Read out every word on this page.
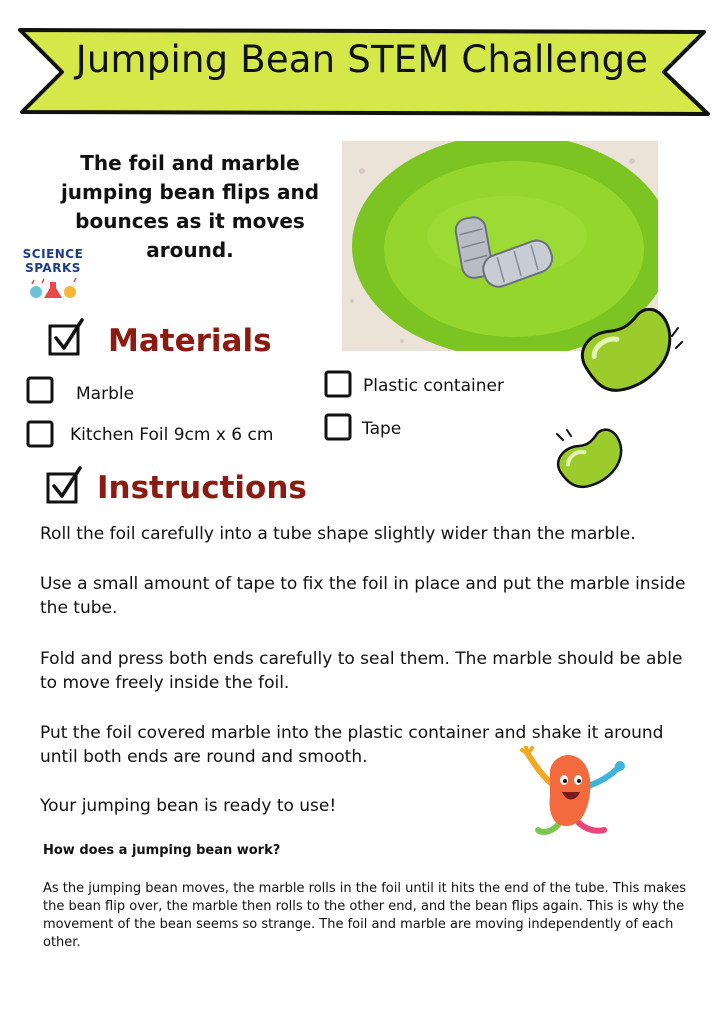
Jumping Bean STEM Challenge
The foil and marble jumping bean flips and bounces as it moves around.
SCIENCE
SPARKS
Materials
Marble
Kitchen Foil 9cm x 6 cm
Plastic container
Tape
Instructions
Roll the foil carefully into a tube shape slightly wider than the marble.
Use a small amount of tape to fix the foil in place and put the marble inside the tube.
Fold and press both ends carefully to seal them. The marble should be able to move freely inside the foil.
Put the foil covered marble into the plastic container and shake it around until both ends are round and smooth.
Your jumping bean is ready to use!
How does a jumping bean work?
As the jumping bean moves, the marble rolls in the foil until it hits the end of the tube. This makes the bean flip over, the marble then rolls to the other end, and the bean flips again. This is why the movement of the bean seems so strange. The foil and marble are moving independently of each other.
